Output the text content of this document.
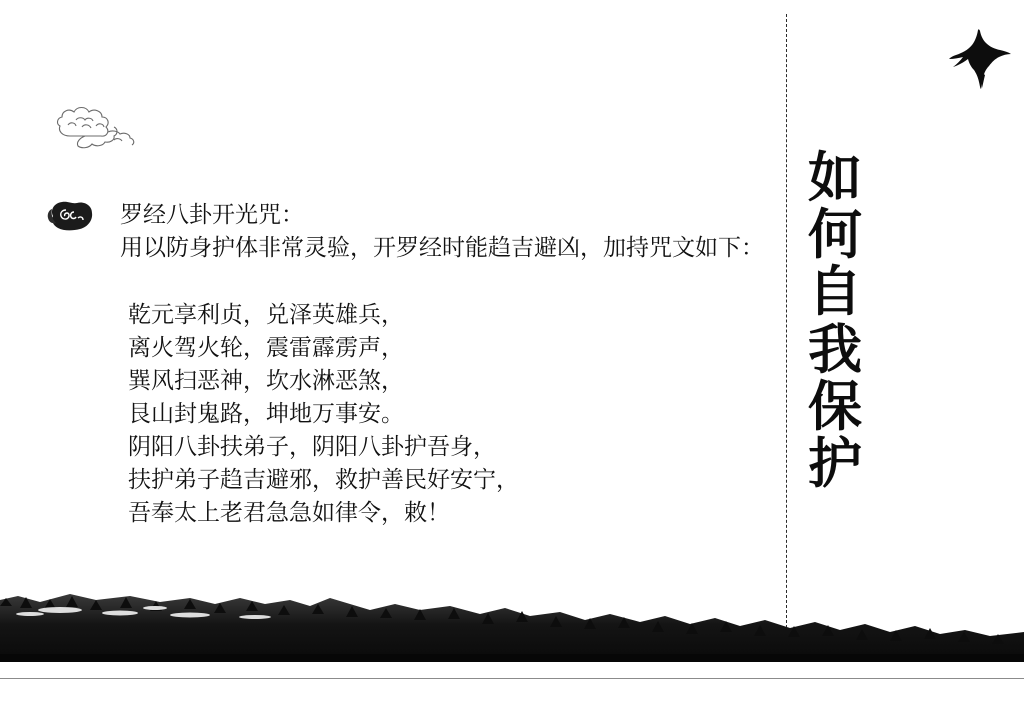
如
何
自
我
保
护

罗经八卦开光咒：

用以防身护体非常灵验，开罗经时能趋吉避凶，加持咒文如下：

乾元享利贞，兑泽英雄兵，

离火驾火轮，震雷霹雳声，

巽风扫恶神，坎水淋恶煞，

艮山封鬼路，坤地万事安。

阴阳八卦扶弟子，阴阳八卦护吾身，

扶护弟子趋吉避邪，救护善民好安宁，

吾奉太上老君急急如律令，敕！
